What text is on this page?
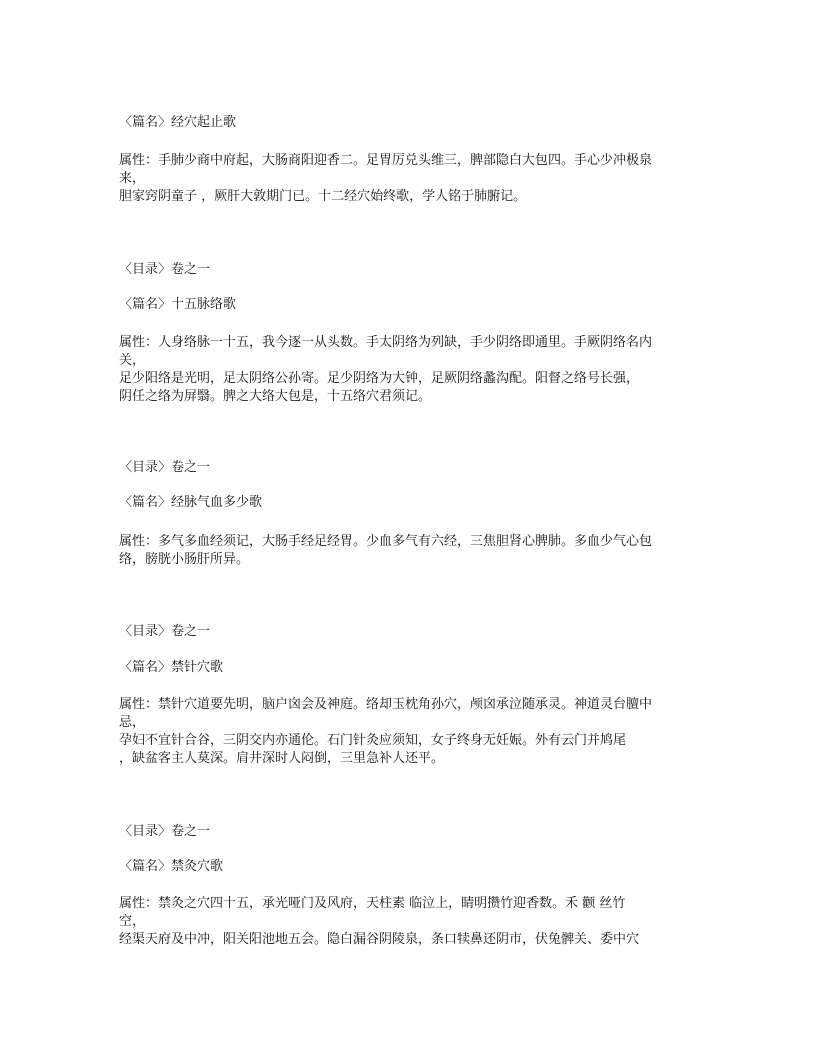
〈篇名〉经穴起止歌
属性：手肺少商中府起，大肠商阳迎香二。足胃厉兑头维三，脾部隐白大包四。手心少冲极泉
来，
胆家窍阴童子 ，厥肝大敦期门已。十二经穴始终歌，学人铭于肺腑记。
〈目录〉卷之一
〈篇名〉十五脉络歌
属性：人身络脉一十五，我今逐一从头数。手太阴络为列缺，手少阴络即通里。手厥阴络名内
关，
足少阳络是光明，足太阴络公孙寄。足少阴络为大钟，足厥阴络蠡沟配。阳督之络号长强，
阴任之络为屏翳。脾之大络大包是，十五络穴君须记。
〈目录〉卷之一
〈篇名〉经脉气血多少歌
属性：多气多血经须记，大肠手经足经胃。少血多气有六经，三焦胆肾心脾肺。多血少气心包
络，膀胱小肠肝所异。
〈目录〉卷之一
〈篇名〉禁针穴歌
属性：禁针穴道要先明，脑户囟会及神庭。络却玉枕角孙穴，颅囟承泣随承灵。神道灵台膻中
忌，
孕妇不宜针合谷，三阴交内亦通伦。石门针灸应须知，女子终身无妊娠。外有云门并鸠尾
，缺盆客主人莫深。肩井深时人闷倒，三里急补人还平。
〈目录〉卷之一
〈篇名〉禁灸穴歌
属性：禁灸之穴四十五，承光哑门及风府，天柱素 临泣上，睛明攒竹迎香数。禾 颧 丝竹
空，
经渠天府及中冲，阳关阳池地五会。隐白漏谷阴陵泉，条口犊鼻还阴市，伏兔髀关、委中穴
